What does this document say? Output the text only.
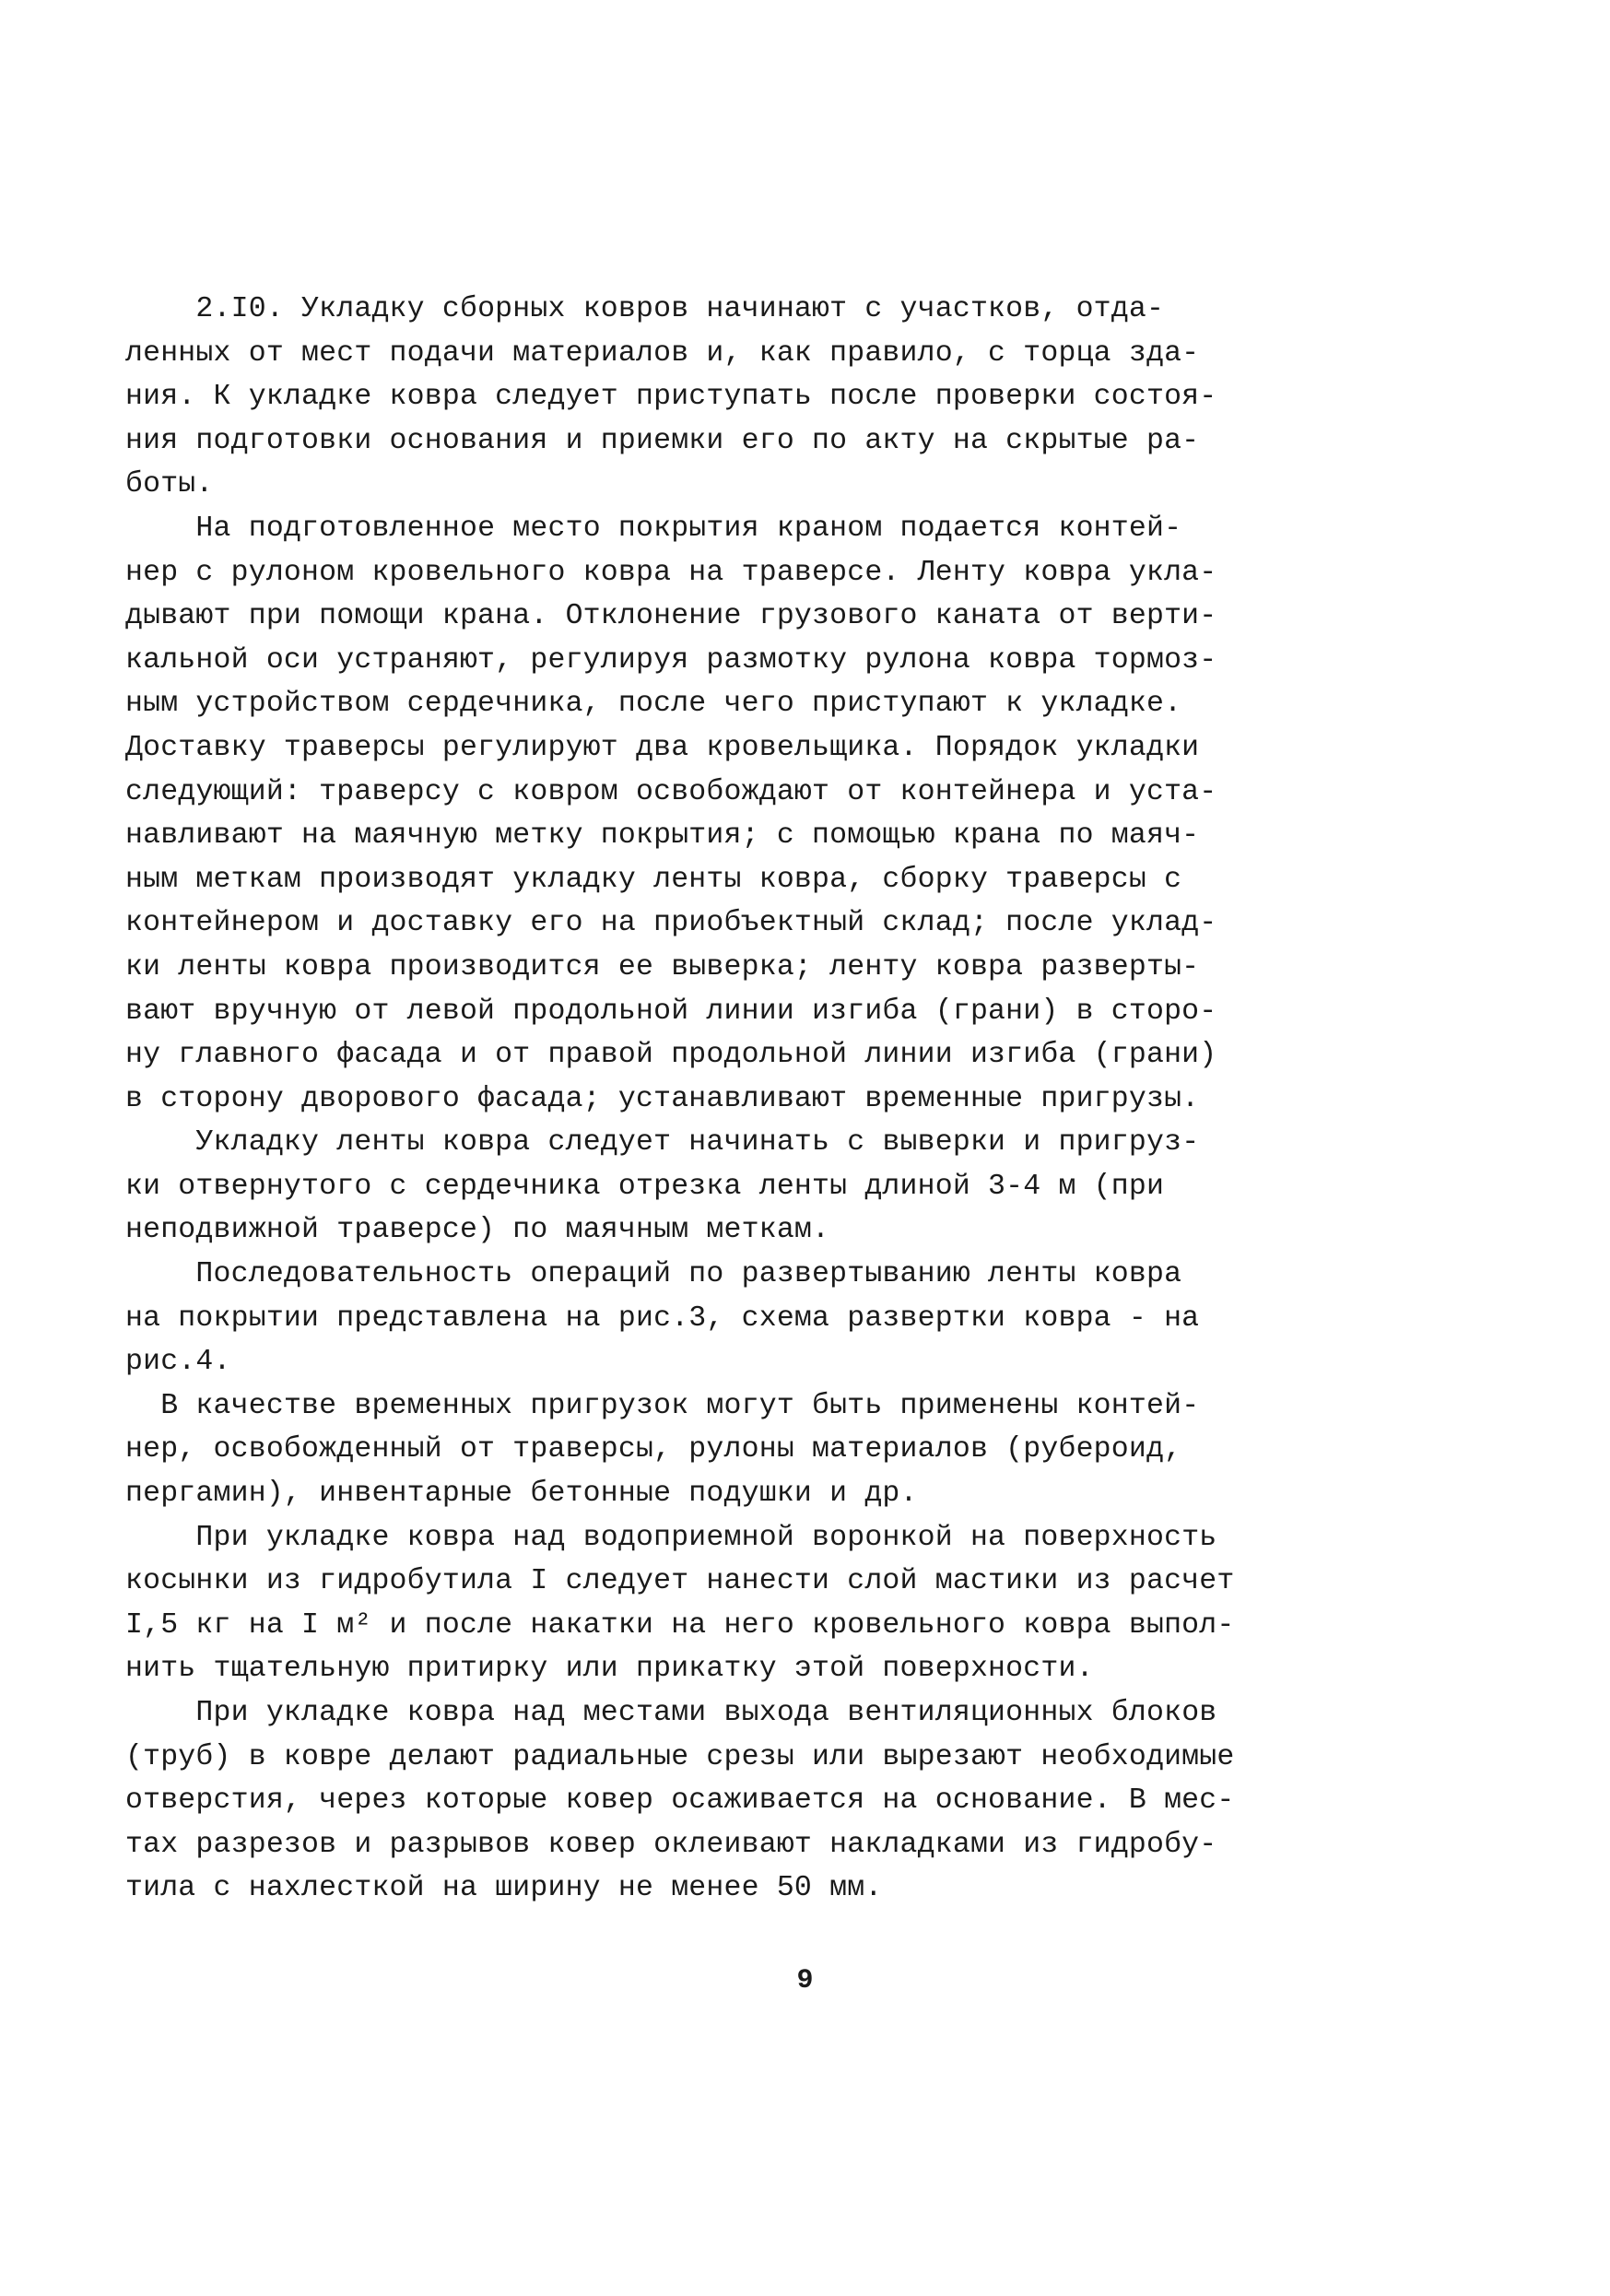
2.I0. Укладку сборных ковров начинают с участков, отда-
ленных от мест подачи материалов и, как правило, с торца зда-
ния. К укладке ковра следует приступать после проверки состоя-
ния подготовки основания и приемки его по акту на скрытые ра-
боты.
На подготовленное место покрытия краном подается контей-
нер с рулоном кровельного ковра на траверсе. Ленту ковра укла-
дывают при помощи крана. Отклонение грузового каната от верти-
кальной оси устраняют, регулируя размотку рулона ковра тормоз-
ным устройством сердечника, после чего приступают к укладке.
Доставку траверсы регулируют два кровельщика. Порядок укладки
следующий: траверсу с ковром освобождают от контейнера и уста-
навливают на маячную метку покрытия; с помощью крана по маяч-
ным меткам производят укладку ленты ковра, сборку траверсы с
контейнером и доставку его на приобъектный склад; после уклад-
ки ленты ковра производится ее выверка; ленту ковра разверты-
вают вручную от левой продольной линии изгиба (грани) в сторо-
ну главного фасада и от правой продольной линии изгиба (грани)
в сторону дворового фасада; устанавливают временные пригрузы.
Укладку ленты ковра следует начинать с выверки и пригруз-
ки отвернутого с сердечника отрезка ленты длиной 3-4 м (при
неподвижной траверсе) по маячным меткам.
Последовательность операций по развертыванию ленты ковра
на покрытии представлена на рис.3, схема развертки ковра - на
рис.4.
В качестве временных пригрузок могут быть применены контей-
нер, освобожденный от траверсы, рулоны материалов (рубероид,
пергамин), инвентарные бетонные подушки и др.
При укладке ковра над водоприемной воронкой на поверхность
косынки из гидробутила I следует нанести слой мастики из расчет
I,5 кг на I м² и после накатки на него кровельного ковра выпол-
нить тщательную притирку или прикатку этой поверхности.
При укладке ковра над местами выхода вентиляционных блоков
(труб) в ковре делают радиальные срезы или вырезают необходимые
отверстия, через которые ковер осаживается на основание. В мес-
тах разрезов и разрывов ковер оклеивают накладками из гидробу-
тила с нахлесткой на ширину не менее 50 мм.
9
